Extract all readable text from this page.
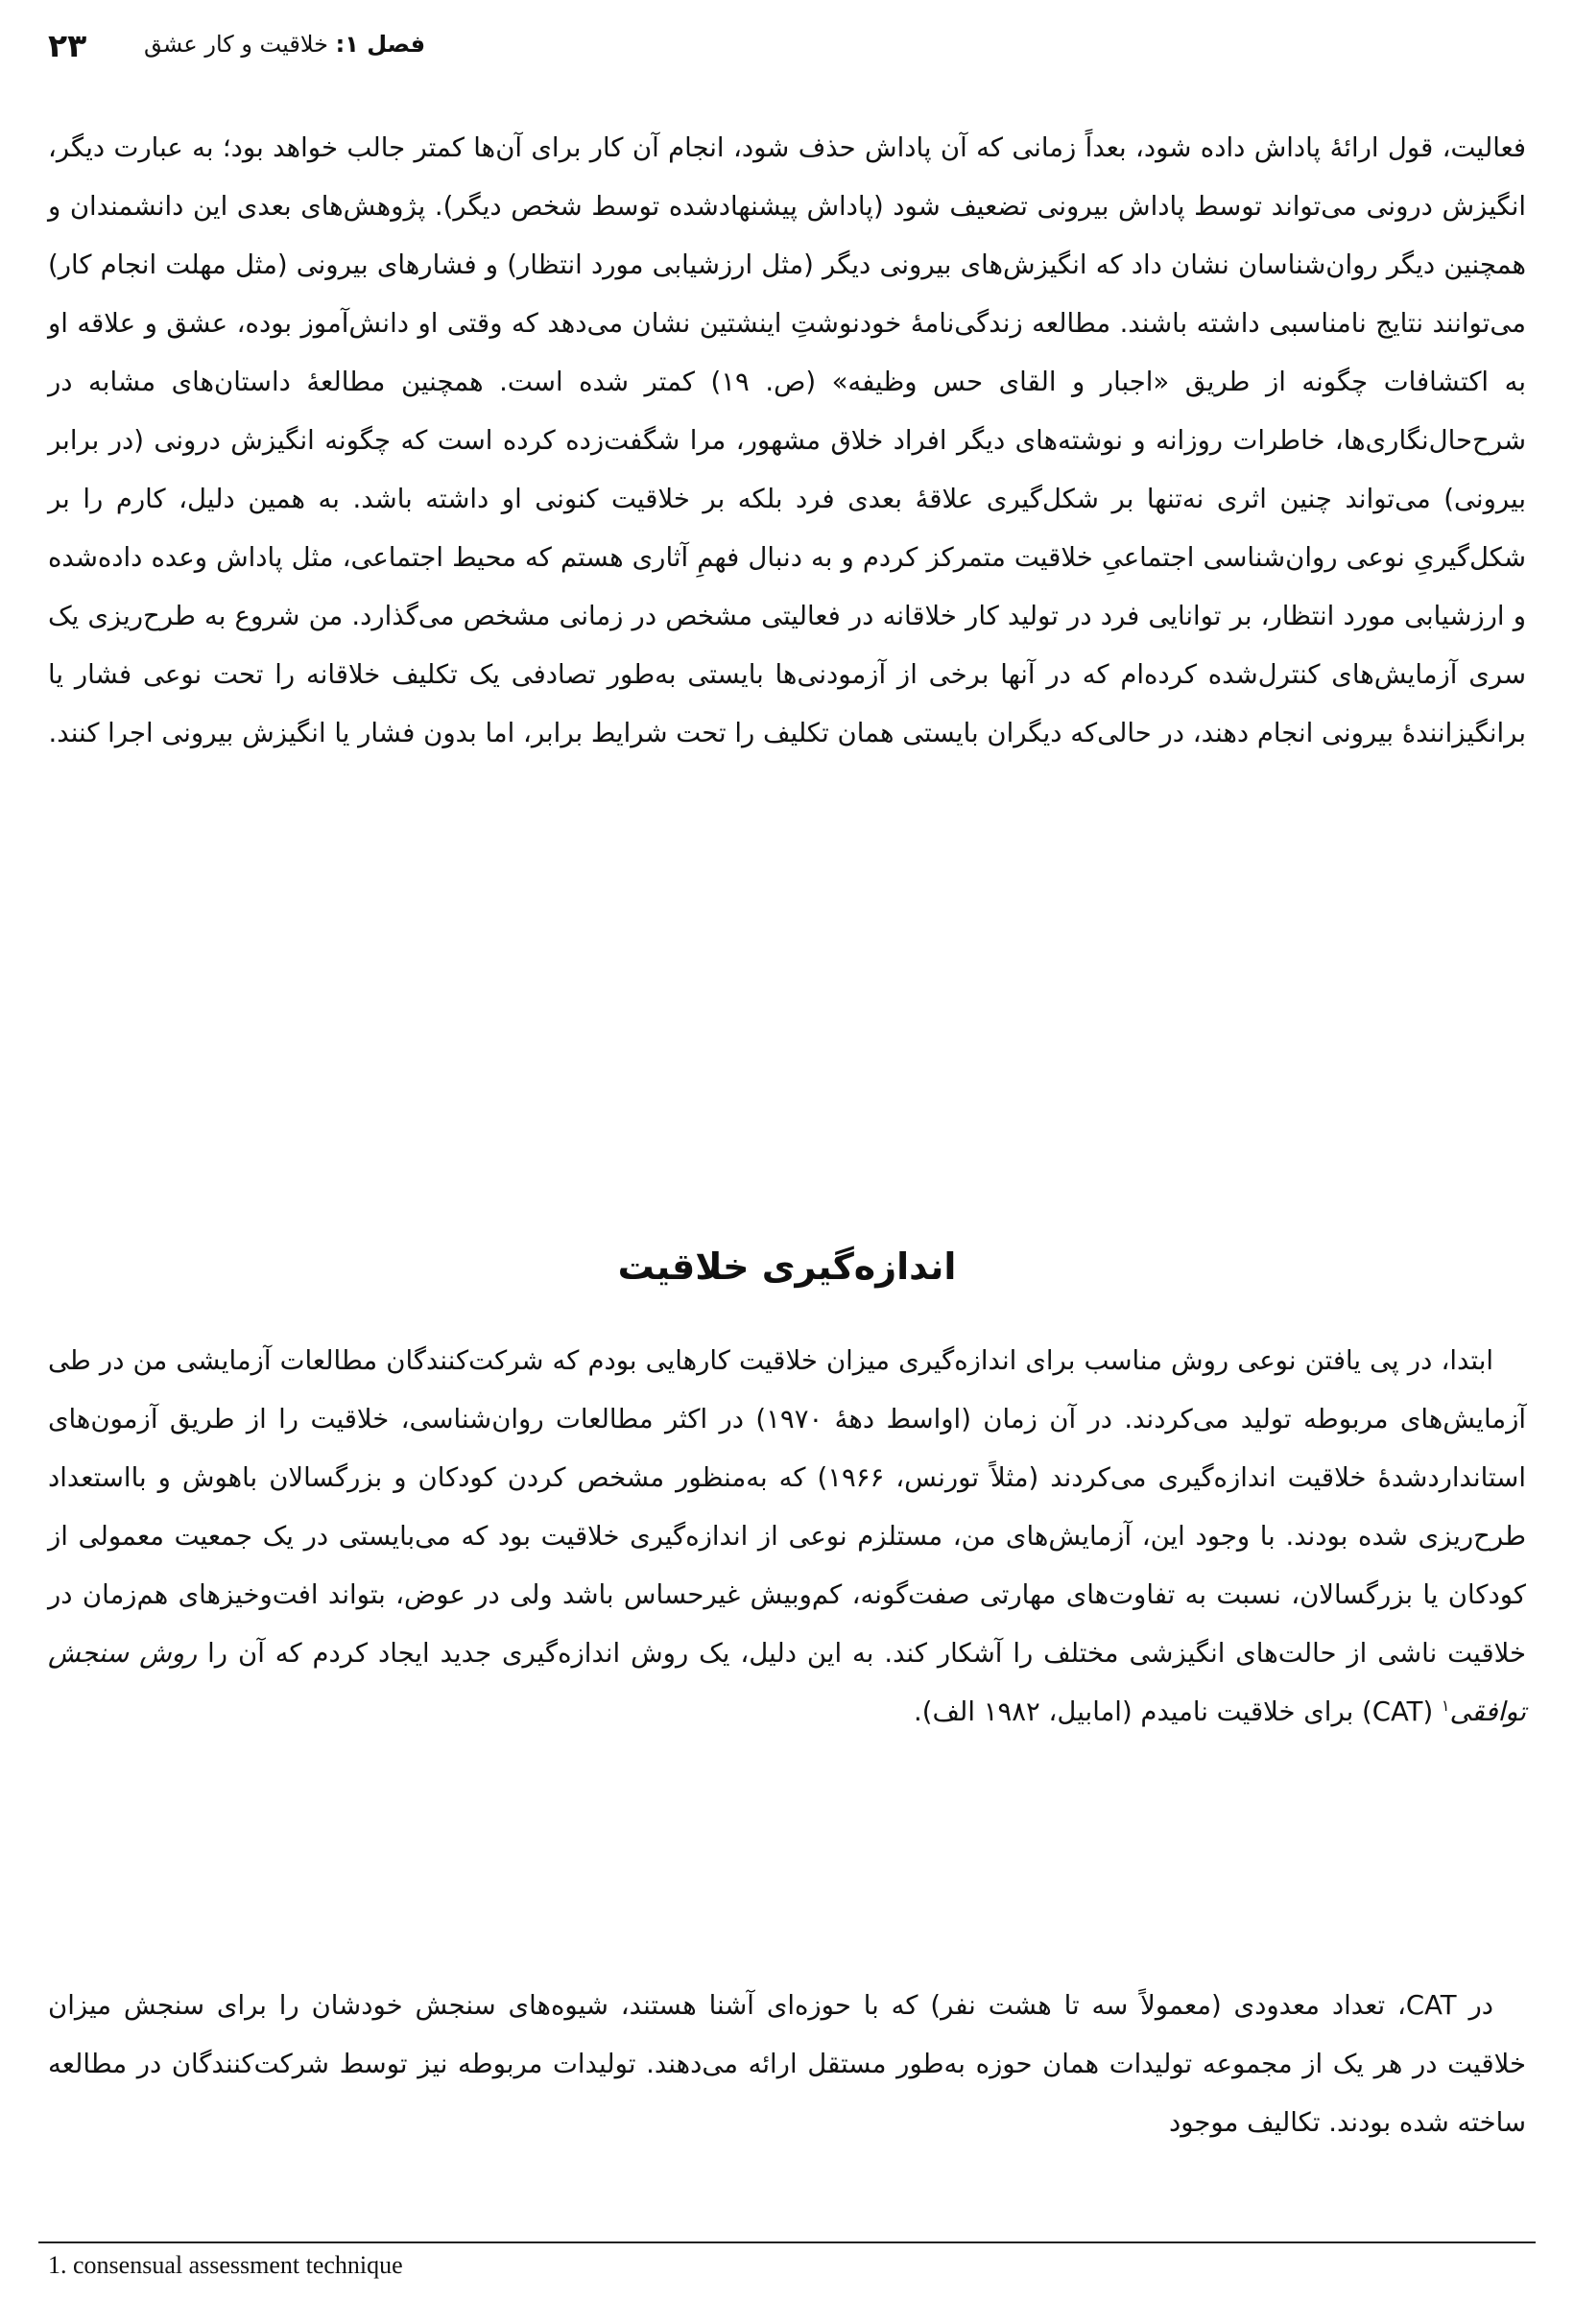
فصل ۱: خلاقیت و کار عشق
۲۳

فعالیت، قول ارائهٔ پاداش داده شود، بعداً زمانی که آن پاداش حذف شود، انجام آن کار برای آن‌ها کمتر جالب خواهد بود؛ به عبارت دیگر، انگیزش درونی می‌تواند توسط پاداش بیرونی تضعیف شود (پاداش پیشنهادشده توسط شخص دیگر). پژوهش‌های بعدی این دانشمندان و همچنین دیگر روان‌شناسان نشان داد که انگیزش‌های بیرونی دیگر (مثل ارزشیابی مورد انتظار) و فشارهای بیرونی (مثل مهلت انجام کار) می‌توانند نتایج نامناسبی داشته باشند. مطالعه زندگی‌نامهٔ خودنوشتِ اینشتین نشان می‌دهد که وقتی او دانش‌آموز بوده، عشق و علاقه او به اکتشافات چگونه از طریق «اجبار و القای حس وظیفه» (ص. ۱۹) کمتر شده است. همچنین مطالعهٔ داستان‌های مشابه در شرح‌حال‌نگاری‌ها، خاطرات روزانه و نوشته‌های دیگر افراد خلاق مشهور، مرا شگفت‌زده کرده است که چگونه انگیزش درونی (در برابر بیرونی) می‌تواند چنین اثری نه‌تنها بر شکل‌گیری علاقهٔ بعدی فرد بلکه بر خلاقیت کنونی او داشته باشد. به همین دلیل، کارم را بر شکل‌گیریِ نوعی روان‌شناسی اجتماعیِ خلاقیت متمرکز کردم و به دنبال فهمِ آثاری هستم که محیط اجتماعی، مثل پاداش وعده داده‌شده و ارزشیابی مورد انتظار، بر توانایی فرد در تولید کار خلاقانه در فعالیتی مشخص در زمانی مشخص می‌گذارد. من شروع به طرح‌ریزی یک سری آزمایش‌های کنترل‌شده کرده‌ام که در آنها برخی از آزمودنی‌ها بایستی به‌طور تصادفی یک تکلیف خلاقانه را تحت نوعی فشار یا برانگیزانندهٔ بیرونی انجام دهند، در حالی‌که دیگران بایستی همان تکلیف را تحت شرایط برابر، اما بدون فشار یا انگیزش بیرونی اجرا کنند.

اندازه‌گیری خلاقیت

ابتدا، در پی یافتن نوعی روش مناسب برای اندازه‌گیری میزان خلاقیت کارهایی بودم که شرکت‌کنندگان مطالعات آزمایشی من در طی آزمایش‌های مربوطه تولید می‌کردند. در آن زمان (اواسط دههٔ ۱۹۷۰) در اکثر مطالعات روان‌شناسی، خلاقیت را از طریق آزمون‌های استانداردشدهٔ خلاقیت اندازه‌گیری می‌کردند (مثلاً تورنس، ۱۹۶۶) که به‌منظور مشخص کردن کودکان و بزرگسالان باهوش و بااستعداد طرح‌ریزی شده بودند. با وجود این، آزمایش‌های من، مستلزم نوعی از اندازه‌گیری خلاقیت بود که می‌بایستی در یک جمعیت معمولی از کودکان یا بزرگسالان، نسبت به تفاوت‌های مهارتی صفت‌گونه، کم‌وبیش غیرحساس باشد ولی در عوض، بتواند افت‌وخیزهای هم‌زمان در خلاقیت ناشی از حالت‌های انگیزشی مختلف را آشکار کند. به این دلیل، یک روش اندازه‌گیری جدید ایجاد کردم که آن را روش سنجش توافقی$^۱$ (CAT) برای خلاقیت نامیدم (امابیل، ۱۹۸۲ الف).

در CAT، تعداد معدودی (معمولاً سه تا هشت نفر) که با حوزه‌ای آشنا هستند، شیوه‌های سنجش خودشان را برای سنجش میزان خلاقیت در هر یک از مجموعه تولیدات همان حوزه به‌طور مستقل ارائه می‌دهند. تولیدات مربوطه نیز توسط شرکت‌کنندگان در مطالعه ساخته شده بودند. تکالیف موجود

1. consensual assessment technique
